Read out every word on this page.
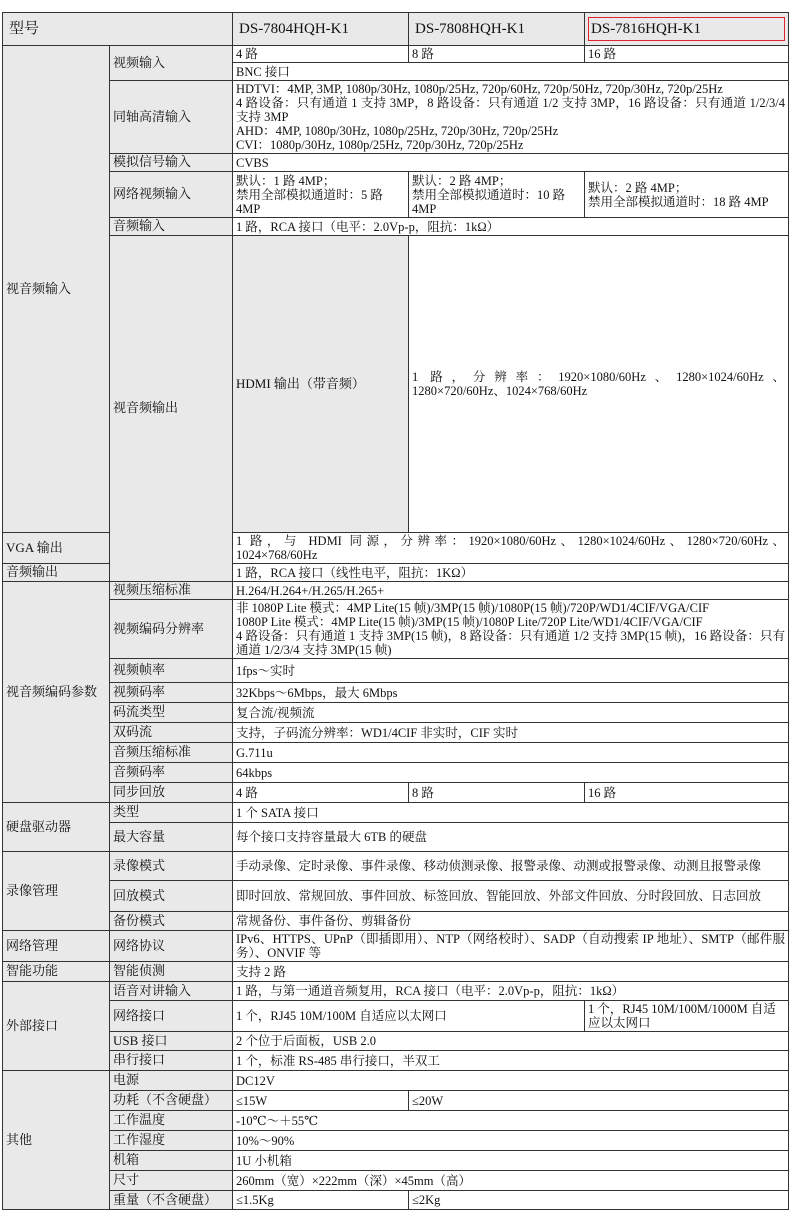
型号		DS-7804HQH-K1	DS-7808HQH-K1	DS-7816HQH-K1	
视音频输入	视频输入	4 路	8 路	16 路	
		BNC 接口			
	同轴高清输入	HDTVI：4MP, 3MP, 1080p/30Hz, 1080p/25Hz, 720p/60Hz, 720p/50Hz, 720p/30Hz, 720p/25Hz
4 路设备：只有通道 1 支持 3MP，8 路设备：只有通道 1/2 支持 3MP，16 路设备：只有通道 1/2/3/4 支持 3MP
AHD：4MP, 1080p/30Hz, 1080p/25Hz, 720p/30Hz, 720p/25Hz
CVI：1080p/30Hz, 1080p/25Hz, 720p/30Hz, 720p/25Hz			

	模拟信号输入	CVBS			
	网络视频输入	默认：1 路 4MP；
禁用全部模拟通道时：5 路 4MP	默认：2 路 4MP；
禁用全部模拟通道时：10 路 4MP	默认：2 路 4MP；
禁用全部模拟通道时：18 路 4MP	

	音频输入	1 路，RCA 接口（电平：2.0Vp-p，阻抗：1kΩ）			
	视音频输出	HDMI 输出（带音频）	1 路，分辨率：1920×1080/60Hz、1280×1024/60Hz、1280×720/60Hz、1024×768/60Hz	
VGA 输出		1 路，与 HDMI 同源，分辨率：1920×1080/60Hz、1280×1024/60Hz、1280×720/60Hz、1024×768/60Hz			
音频输出		1 路，RCA 接口（线性电平，阻抗：1KΩ）			
视音频编码参数	视频压缩标准	H.264/H.264+/H.265/H.265+			
	视频编码分辨率	非 1080P Lite 模式：4MP Lite(15 帧)/3MP(15 帧)/1080P(15 帧)/720P/WD1/4CIF/VGA/CIF
1080P Lite 模式：4MP Lite(15 帧)/3MP(15 帧)/1080P Lite/720P Lite/WD1/4CIF/VGA/CIF
4 路设备：只有通道 1 支持 3MP(15 帧)，8 路设备：只有通道 1/2 支持 3MP(15 帧)，16 路设备：只有通道 1/2/3/4 支持 3MP(15 帧)			

	视频帧率	1fps～实时			
	视频码率	32Kbps～6Mbps，最大 6Mbps			
	码流类型	复合流/视频流			
	双码流	支持，子码流分辨率：WD1/4CIF 非实时，CIF 实时			
	音频压缩标准	G.711u			
	音频码率	64kbps			
	同步回放	4 路	8 路	16 路	
硬盘驱动器	类型	1 个 SATA 接口			
	最大容量	每个接口支持容量最大 6TB 的硬盘			
录像管理	录像模式	手动录像、定时录像、事件录像、移动侦测录像、报警录像、动测或报警录像、动测且报警录像			
	回放模式	即时回放、常规回放、事件回放、标签回放、智能回放、外部文件回放、分时段回放、日志回放			
	备份模式	常规备份、事件备份、剪辑备份			
网络管理	网络协议	IPv6、HTTPS、UPnP（即插即用）、NTP（网络校时）、SADP（自动搜索 IP 地址）、SMTP（邮件服务）、ONVIF 等			
智能功能	智能侦测	支持 2 路			
外部接口	语音对讲输入	1 路，与第一通道音频复用，RCA 接口（电平：2.0Vp-p，阻抗：1kΩ）			
	网络接口	1 个，RJ45 10M/100M 自适应以太网口		1 个，RJ45 10M/100M/1000M 自适应以太网口	
	USB 接口	2 个位于后面板，USB 2.0			
	串行接口	1 个，标准 RS-485 串行接口，半双工			
其他	电源	DC12V			
	功耗（不含硬盘）	≤15W	≤20W		
	工作温度	-10℃～＋55℃			
	工作湿度	10%～90%			
	机箱	1U 小机箱			
	尺寸	260mm（宽）×222mm（深）×45mm（高）			
	重量（不含硬盘）	≤1.5Kg	≤2Kg		
